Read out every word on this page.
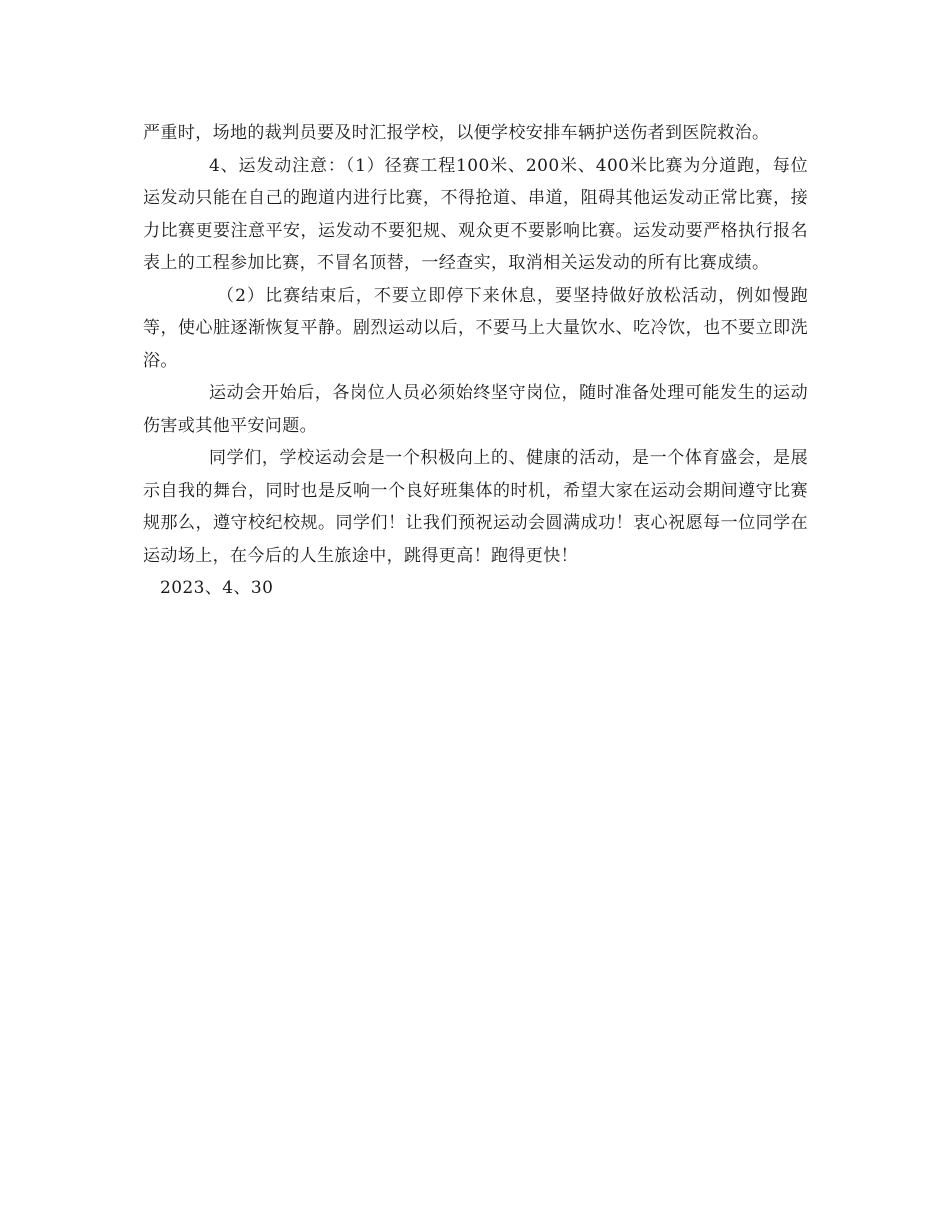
严重时，场地的裁判员要及时汇报学校，以便学校安排车辆护送伤者到医院救治。

4、运发动注意：（1）径赛工程100米、200米、400米比赛为分道跑，每位运发动只能在自己的跑道内进行比赛，不得抢道、串道，阻碍其他运发动正常比赛，接力比赛更要注意平安，运发动不要犯规、观众更不要影响比赛。运发动要严格执行报名表上的工程参加比赛，不冒名顶替，一经查实，取消相关运发动的所有比赛成绩。

（2）比赛结束后，不要立即停下来休息，要坚持做好放松活动，例如慢跑等，使心脏逐渐恢复平静。剧烈运动以后，不要马上大量饮水、吃冷饮，也不要立即洗浴。

运动会开始后，各岗位人员必须始终坚守岗位，随时准备处理可能发生的运动伤害或其他平安问题。

同学们，学校运动会是一个积极向上的、健康的活动，是一个体育盛会，是展示自我的舞台，同时也是反响一个良好班集体的时机，希望大家在运动会期间遵守比赛规那么，遵守校纪校规。同学们！让我们预祝运动会圆满成功！衷心祝愿每一位同学在运动场上，在今后的人生旅途中，跳得更高！跑得更快！

2023、4、30
